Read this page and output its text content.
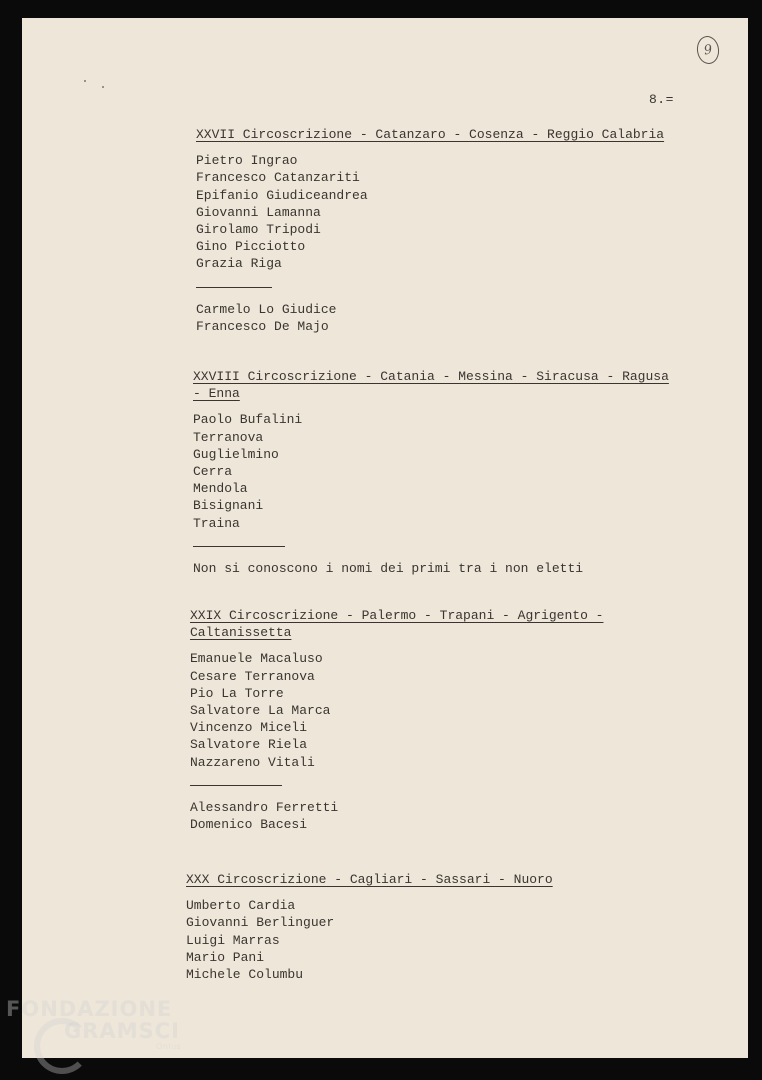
9
8.=
XXVII Circoscrizione - Catanzaro - Cosenza - Reggio Calabria
Pietro Ingrao
Francesco Catanzariti
Epifanio Giudiceandrea
Giovanni Lamanna
Girolamo Tripodi
Gino Picciotto
Grazia Riga
Carmelo Lo Giudice
Francesco De Majo
XXVIII Circoscrizione - Catania - Messina - Siracusa - Ragusa - Enna
Paolo Bufalini
Terranova
Guglielmino
Cerra
Mendola
Bisignani
Traina
Non si conoscono i nomi dei primi tra i non eletti
XXIX Circoscrizione - Palermo - Trapani - Agrigento - Caltanissetta
Emanuele Macaluso
Cesare Terranova
Pio La Torre
Salvatore La Marca
Vincenzo Miceli
Salvatore Riela
Nazzareno Vitali
Alessandro Ferretti
Domenico Bacesi
XXX Circoscrizione - Cagliari - Sassari - Nuoro
Umberto Cardia
Giovanni Berlinguer
Luigi Marras
Mario Pani
Michele Columbu
FONDAZIONE
GRAMSCI
Onlus
